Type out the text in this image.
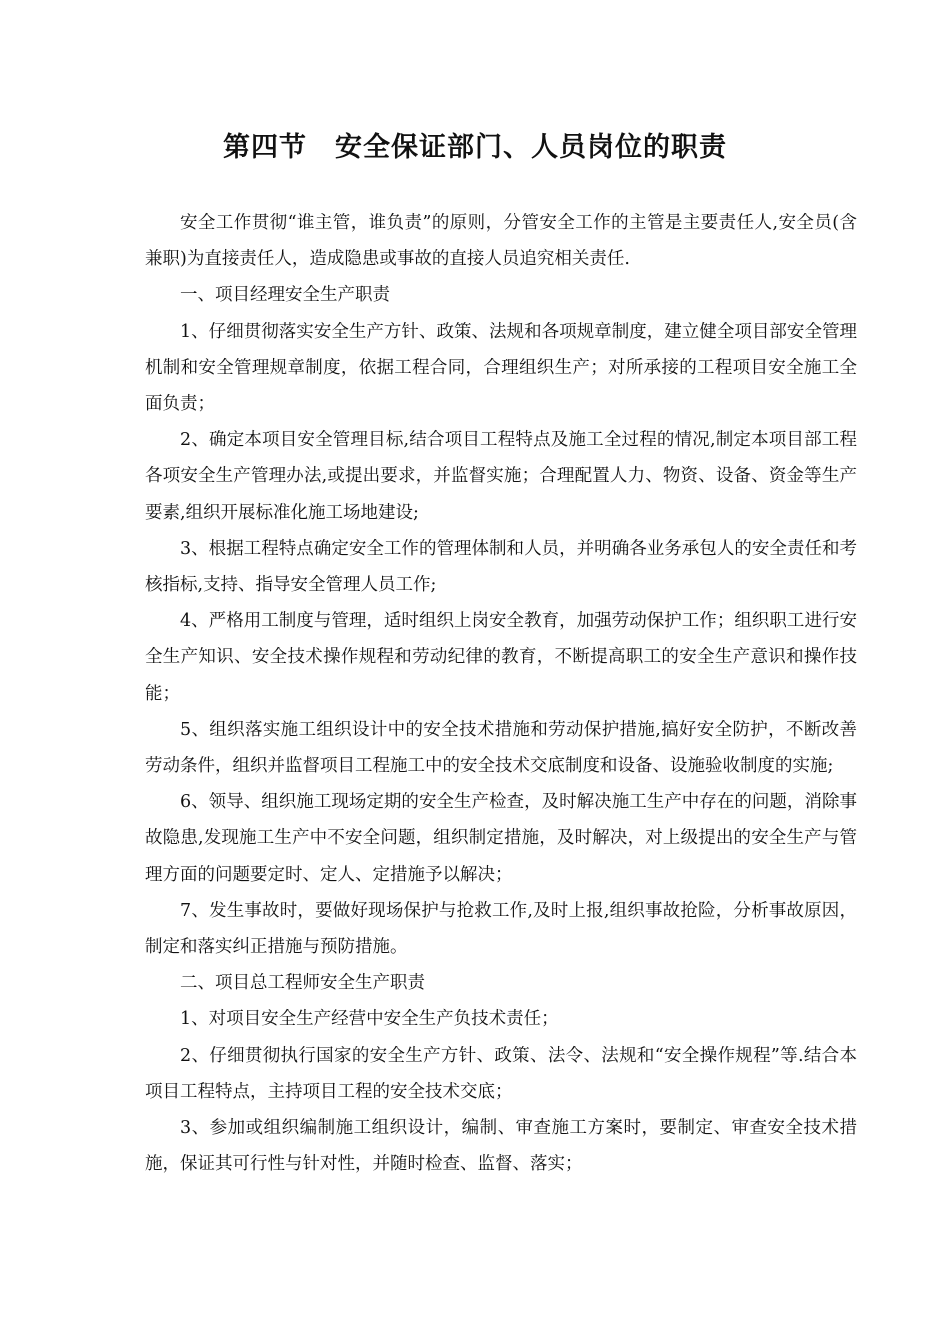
第四节　安全保证部门、人员岗位的职责

安全工作贯彻“谁主管，谁负责”的原则，分管安全工作的主管是主要责任人,安全员(含兼职)为直接责任人，造成隐患或事故的直接人员追究相关责任.

一、项目经理安全生产职责

1、仔细贯彻落实安全生产方针、政策、法规和各项规章制度，建立健全项目部安全管理机制和安全管理规章制度，依据工程合同，合理组织生产；对所承接的工程项目安全施工全面负责；

2、确定本项目安全管理目标,结合项目工程特点及施工全过程的情况,制定本项目部工程各项安全生产管理办法,或提出要求，并监督实施；合理配置人力、物资、设备、资金等生产要素,组织开展标准化施工场地建设;

3、根据工程特点确定安全工作的管理体制和人员，并明确各业务承包人的安全责任和考核指标,支持、指导安全管理人员工作;

4、严格用工制度与管理，适时组织上岗安全教育，加强劳动保护工作；组织职工进行安全生产知识、安全技术操作规程和劳动纪律的教育，不断提高职工的安全生产意识和操作技能；

5、组织落实施工组织设计中的安全技术措施和劳动保护措施,搞好安全防护，不断改善劳动条件，组织并监督项目工程施工中的安全技术交底制度和设备、设施验收制度的实施;

6、领导、组织施工现场定期的安全生产检查，及时解决施工生产中存在的问题，消除事故隐患,发现施工生产中不安全问题，组织制定措施，及时解决，对上级提出的安全生产与管理方面的问题要定时、定人、定措施予以解决；

7、发生事故时，要做好现场保护与抢救工作,及时上报,组织事故抢险，分析事故原因，制定和落实纠正措施与预防措施。

二、项目总工程师安全生产职责

1、对项目安全生产经营中安全生产负技术责任；

2、仔细贯彻执行国家的安全生产方针、政策、法令、法规和“安全操作规程”等.结合本项目工程特点，主持项目工程的安全技术交底；

3、参加或组织编制施工组织设计，编制、审查施工方案时，要制定、审查安全技术措施，保证其可行性与针对性，并随时检查、监督、落实；
